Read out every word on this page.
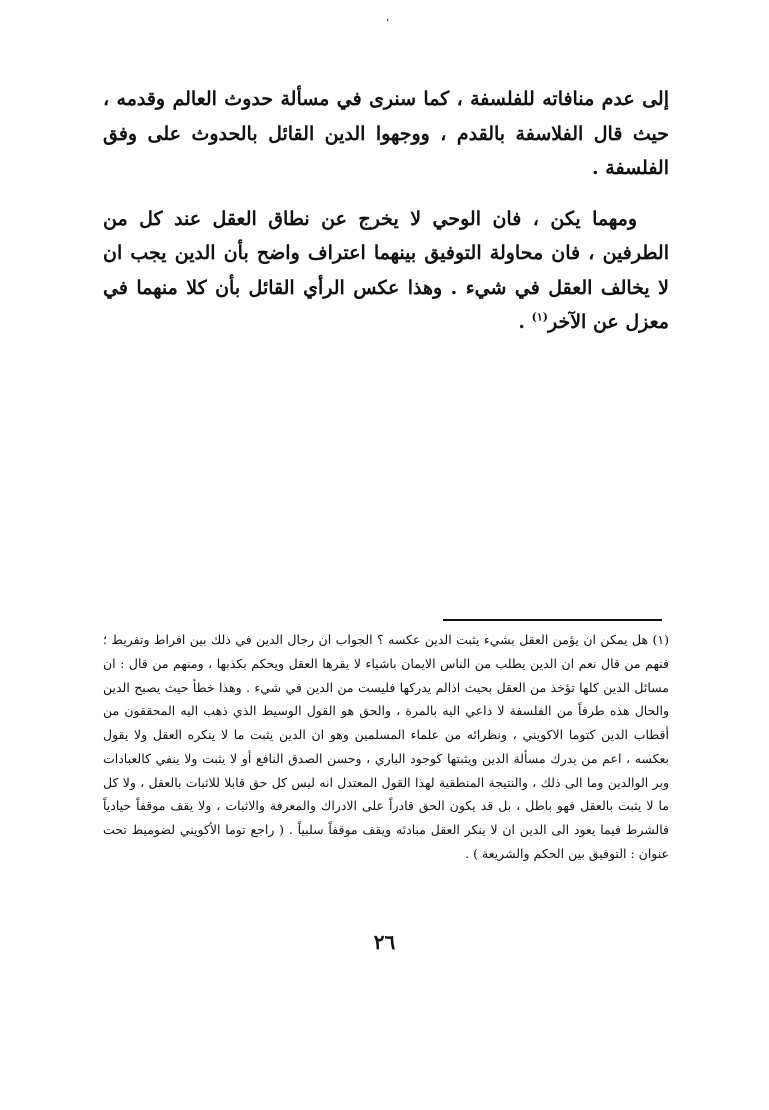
،

إلى عدم منافاته للفلسفة ، كما سنرى في مسألة حدوث العالم وقدمه ، حيث قال الفلاسفة بالقدم ، ووجهوا الدين القائل بالحدوث على وفق الفلسفة .

ومهما يكن ، فان الوحي لا يخرج عن نطاق العقل عند كل من الطرفين ، فان محاولة التوفيق بينهما اعتراف واضح بأن الدين يجب ان لا يخالف العقل في شيء . وهذا عكس الرأي القائل بأن كلا منهما في معزل عن الآخر$^{(١)}$ .

(١) هل يمكن ان يؤمن العقل بشيء يثبت الدين عكسه ؟ الجواب ان رجال الدين في ذلك بين افراط وتفريط ؛ فنهم من قال نعم ان الدين يطلب من الناس الايمان باشياء لا يقرها العقل ويحكم بكذبها ، ومنهم من قال : ان مسائل الدين كلها تؤخذ من العقل بحيث اذالم يدركها فليست من الدين في شيء . وهذا خطأ حيث يصبح الدين والحال هذه طرفاً من الفلسفة لا داعي اليه بالمرة ، والحق هو القول الوسيط الذي ذهب اليه المحققون من أقطاب الدين كتوما الاكويني ، ونظرائه من علماء المسلمين وهو ان الدين يثبت ما لا ينكره العقل ولا يقول بعكسه ، اعم من يدرك مسألة الدين ويثبتها كوجود الباري ، وحسن الصدق النافع أو لا يثبت ولا ينفي كالعبادات وبر الوالدين وما الى ذلك ، والنتيجة المنطقية لهذا القول المعتدل انه ليس كل حق قابلا للاثبات بالعقل ، ولا كل ما لا يثبت بالعقل فهو باطل ، بل قد يكون الحق قادراً على الادراك والمعرفة والاثبات ، ولا يقف موقفاً حيادياً فالشرط فيما يعود الى الدين ان لا ينكر العقل مبادئه ويقف موقفاً سلبياً . ( راجع توما الأكويني لضوميط تحت عنوان : التوفيق بين الحكم والشريعة ) .

٢٦
